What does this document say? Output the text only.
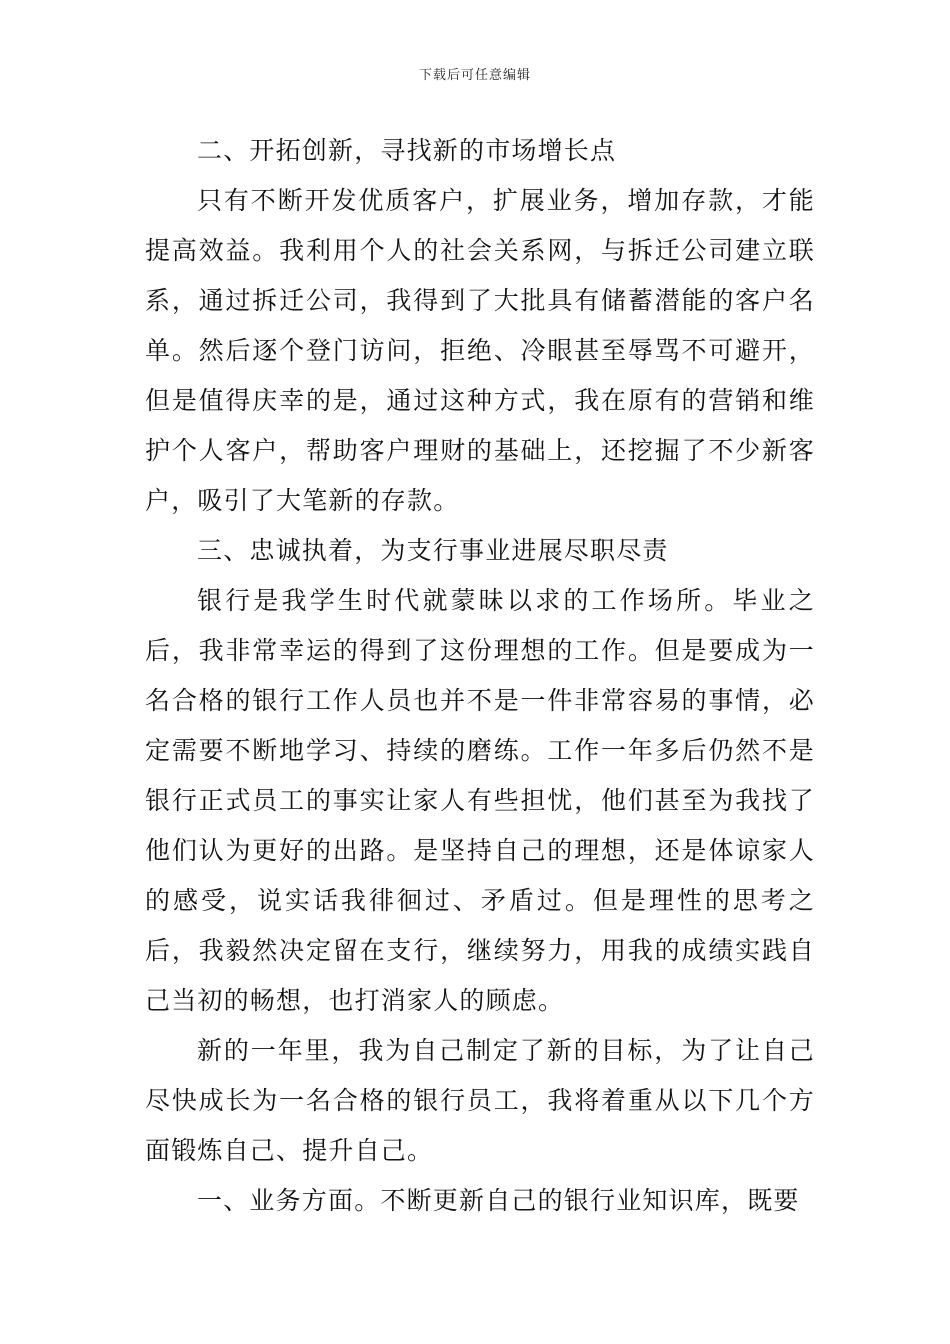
下载后可任意编辑

二、开拓创新，寻找新的市场增长点

只有不断开发优质客户，扩展业务，增加存款，才能提高效益。我利用个人的社会关系网，与拆迁公司建立联系，通过拆迁公司，我得到了大批具有储蓄潜能的客户名单。然后逐个登门访问，拒绝、冷眼甚至辱骂不可避开，但是值得庆幸的是，通过这种方式，我在原有的营销和维护个人客户，帮助客户理财的基础上，还挖掘了不少新客户，吸引了大笔新的存款。

三、忠诚执着，为支行事业进展尽职尽责

银行是我学生时代就蒙昧以求的工作场所。毕业之后，我非常幸运的得到了这份理想的工作。但是要成为一名合格的银行工作人员也并不是一件非常容易的事情，必定需要不断地学习、持续的磨练。工作一年多后仍然不是银行正式员工的事实让家人有些担忧，他们甚至为我找了他们认为更好的出路。是坚持自己的理想，还是体谅家人的感受，说实话我徘徊过、矛盾过。但是理性的思考之后，我毅然决定留在支行，继续努力，用我的成绩实践自己当初的畅想，也打消家人的顾虑。

新的一年里，我为自己制定了新的目标，为了让自己尽快成长为一名合格的银行员工，我将着重从以下几个方面锻炼自己、提升自己。

一、业务方面。不断更新自己的银行业知识库，既要
